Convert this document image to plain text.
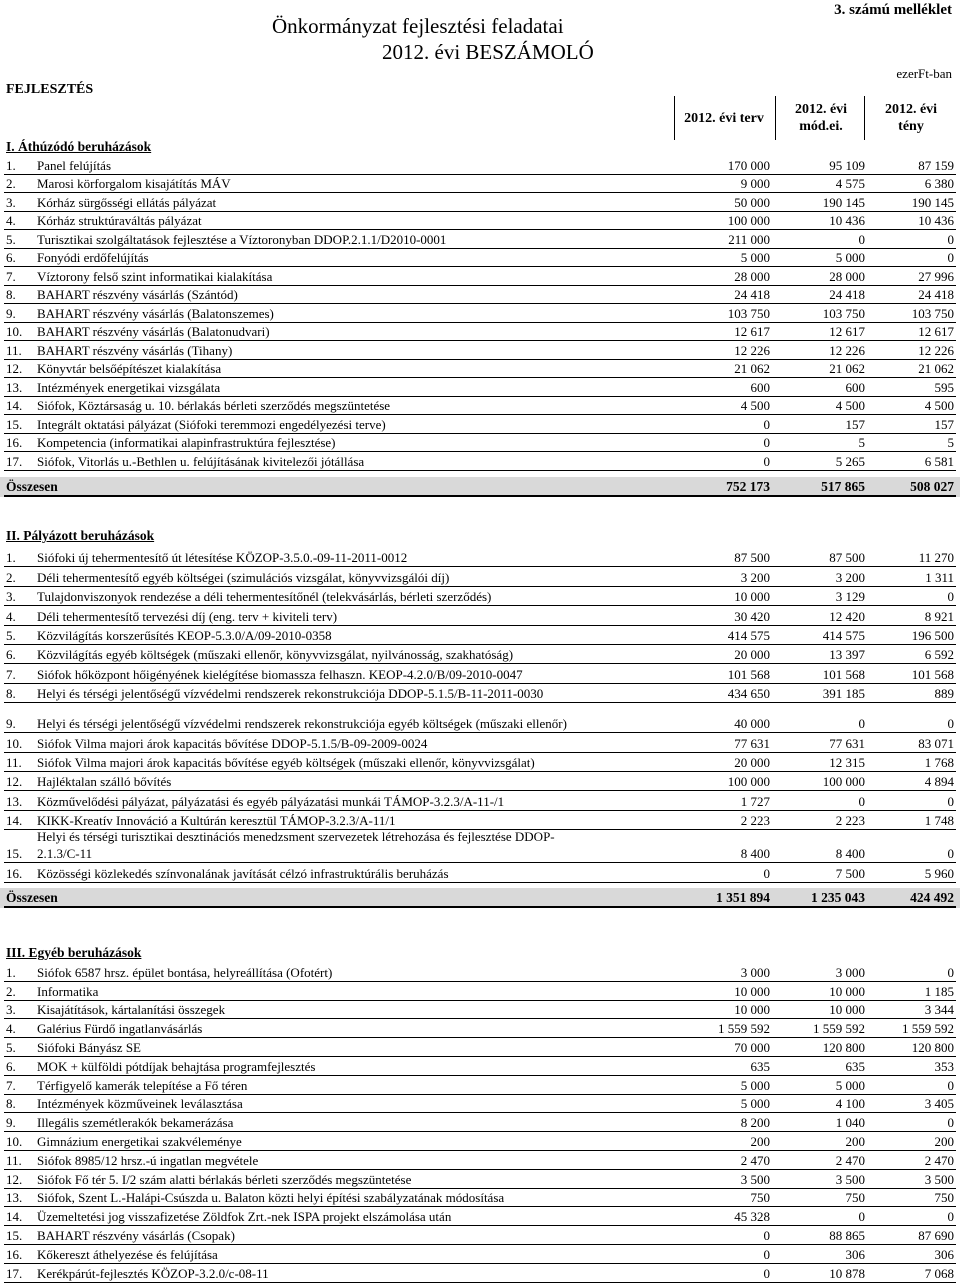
Önkormányzat fejlesztési feladatai
2012. évi BESZÁMOLÓ
3. számú melléklet
ezerFt-ban
FEJLESZTÉS
2012. évi terv
2012. évi
mód.ei.
2012. évi
tény
I. Áthúzódó beruházások
1. Panel felújítás	170 000	95 109	87 159
2. Marosi körforgalom kisajátítás MÁV	9 000	4 575	6 380
3. Kórház sürgősségi ellátás pályázat	50 000	190 145	190 145
4. Kórház struktúraváltás pályázat	100 000	10 436	10 436
5. Turisztikai szolgáltatások fejlesztése a Víztoronyban DDOP.2.1.1/D2010-0001	211 000	0	0
6. Fonyódi erdőfelújítás	5 000	5 000	0
7. Víztorony felső szint informatikai kialakítása	28 000	28 000	27 996
8. BAHART részvény vásárlás (Szántód)	24 418	24 418	24 418
9. BAHART részvény vásárlás (Balatonszemes)	103 750	103 750	103 750
10. BAHART részvény vásárlás (Balatonudvari)	12 617	12 617	12 617
11. BAHART részvény vásárlás (Tihany)	12 226	12 226	12 226
12. Könyvtár belsőépítészet kialakítása	21 062	21 062	21 062
13. Intézmények energetikai vizsgálata	600	600	595
14. Siófok, Köztársaság u. 10. bérlakás bérleti szerződés megszüntetése	4 500	4 500	4 500
15. Integrált oktatási pályázat (Siófoki teremmozi engedélyezési terve)	0	157	157
16. Kompetencia (informatikai alapinfrastruktúra fejlesztése)	0	5	5
17. Siófok, Vitorlás u.-Bethlen u. felújításának kivitelezői jótállása	0	5 265	6 581
Összesen	752 173	517 865	508 027
II. Pályázott beruházások
1. Siófoki új tehermentesítő út létesítése KÖZOP-3.5.0.-09-11-2011-0012	87 500	87 500	11 270
2. Déli tehermentesítő egyéb költségei (szimulációs vizsgálat, könyvvizsgálói díj)	3 200	3 200	1 311
3. Tulajdonviszonyok rendezése a déli tehermentesítőnél (telekvásárlás, bérleti szerződés)	10 000	3 129	0
4. Déli tehermentesítő tervezési díj (eng. terv + kiviteli terv)	30 420	12 420	8 921
5. Közvilágítás korszerűsítés KEOP-5.3.0/A/09-2010-0358	414 575	414 575	196 500
6. Közvilágítás egyéb költségek (műszaki ellenőr, könyvvizsgálat, nyilvánosság, szakhatóság)	20 000	13 397	6 592
7. Siófok hőközpont hőigényének kielégítése biomassza felhaszn. KEOP-4.2.0/B/09-2010-0047	101 568	101 568	101 568
8. Helyi és térségi jelentőségű vízvédelmi rendszerek rekonstrukciója DDOP-5.1.5/B-11-2011-0030	434 650	391 185	889
9. Helyi és térségi jelentőségű vízvédelmi rendszerek rekonstrukciója egyéb költségek (műszaki ellenőr)	40 000	0	0
10. Siófok Vilma majori árok kapacitás bővítése DDOP-5.1.5/B-09-2009-0024	77 631	77 631	83 071
11. Siófok Vilma majori árok kapacitás bővítése egyéb költségek (műszaki ellenőr, könyvvizsgálat)	20 000	12 315	1 768
12. Hajléktalan szálló bővítés	100 000	100 000	4 894
13. Közművelődési pályázat, pályázatási és egyéb pályázatási munkái TÁMOP-3.2.3/A-11-/1	1 727	0	0
14. KIKK-Kreatív Innováció a Kultúrán keresztül TÁMOP-3.2.3/A-11/1	2 223	2 223	1 748
15.
Helyi és térségi turisztikai desztinációs menedzsment szervezetek létrehozása és fejlesztése DDOP-
2.1.3/C-11	8 400	8 400	0
16. Közösségi közlekedés színvonalának javítását célzó infrastruktúrális beruházás	0	7 500	5 960
Összesen	1 351 894	1 235 043	424 492
III. Egyéb beruházások
1. Siófok 6587 hrsz. épület bontása, helyreállítása (Ofotért)	3 000	3 000	0
2. Informatika	10 000	10 000	1 185
3. Kisajátítások, kártalanítási összegek	10 000	10 000	3 344
4. Galérius Fürdő ingatlanvásárlás	1 559 592	1 559 592	1 559 592
5. Siófoki Bányász SE	70 000	120 800	120 800
6. MOK + külföldi pótdíjak behajtása programfejlesztés	635	635	353
7. Térfigyelő kamerák telepítése a Fő téren	5 000	5 000	0
8. Intézmények közműveinek leválasztása	5 000	4 100	3 405
9. Illegális szemétlerakók bekamerázása	8 200	1 040	0
10. Gimnázium energetikai szakvéleménye	200	200	200
11. Siófok 8985/12 hrsz.-ú ingatlan megvétele	2 470	2 470	2 470
12. Siófok Fő tér 5. I/2 szám alatti bérlakás bérleti szerződés megszüntetése	3 500	3 500	3 500
13. Siófok, Szent L.-Halápi-Csúszda u. Balaton közti helyi építési szabályzatának módosítása	750	750	750
14. Üzemeltetési jog visszafizetése Zöldfok Zrt.-nek ISPA projekt elszámolása után	45 328	0	0
15. BAHART részvény vásárlás (Csopak)	0	88 865	87 690
16. Kőkereszt áthelyezése és felújítása	0	306	306
17. Kerékpárút-fejlesztés KÖZOP-3.2.0/c-08-11	0	10 878	7 068
